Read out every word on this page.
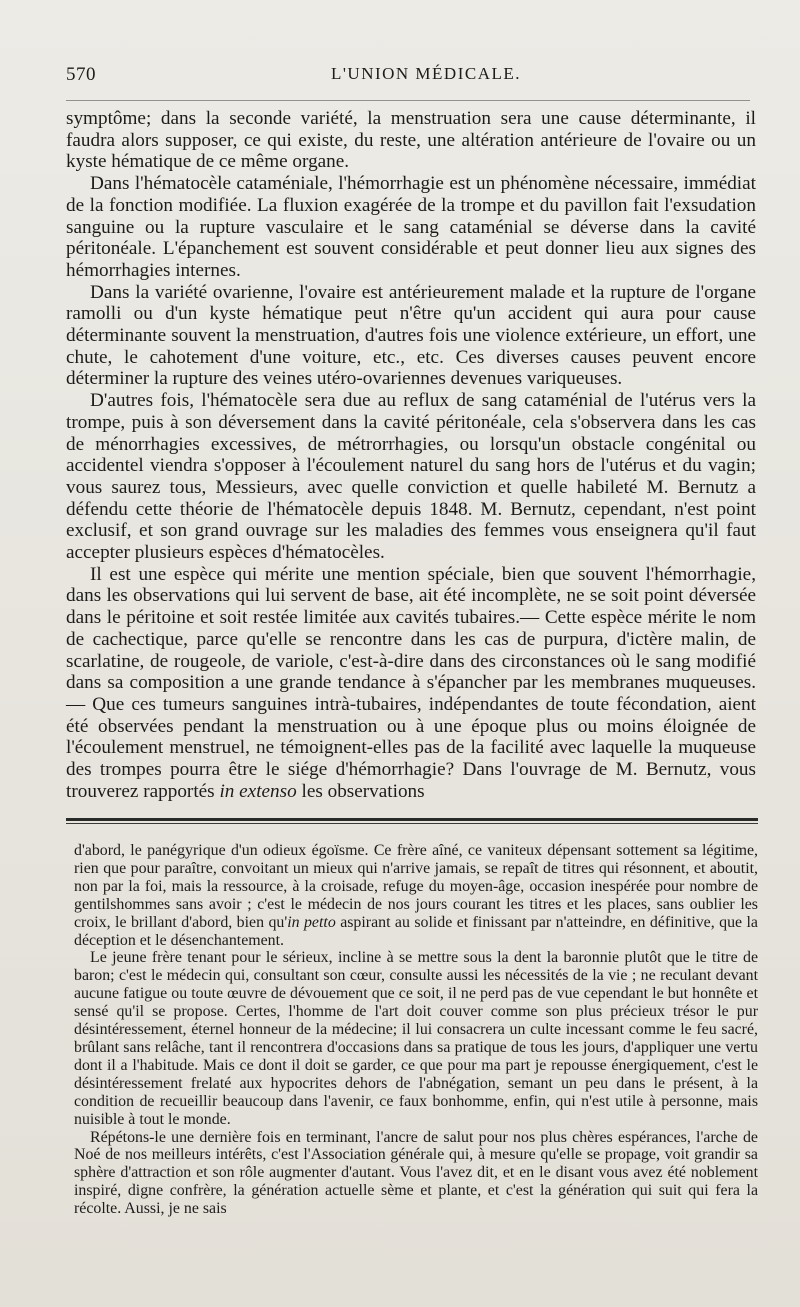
570	L'UNION MÉDICALE.

symptôme; dans la seconde variété, la menstruation sera une cause déterminante, il faudra alors supposer, ce qui existe, du reste, une altération antérieure de l'ovaire ou un kyste hématique de ce même organe.

Dans l'hématocèle cataméniale, l'hémorrhagie est un phénomène nécessaire, immédiat de la fonction modifiée. La fluxion exagérée de la trompe et du pavillon fait l'exsudation sanguine ou la rupture vasculaire et le sang cataménial se déverse dans la cavité péritonéale. L'épanchement est souvent considérable et peut donner lieu aux signes des hémorrhagies internes.

Dans la variété ovarienne, l'ovaire est antérieurement malade et la rupture de l'organe ramolli ou d'un kyste hématique peut n'être qu'un accident qui aura pour cause déterminante souvent la menstruation, d'autres fois une violence extérieure, un effort, une chute, le cahotement d'une voiture, etc., etc. Ces diverses causes peuvent encore déterminer la rupture des veines utéro-ovariennes devenues variqueuses.

D'autres fois, l'hématocèle sera due au reflux de sang cataménial de l'utérus vers la trompe, puis à son déversement dans la cavité péritonéale, cela s'observera dans les cas de ménorrhagies excessives, de métrorrhagies, ou lorsqu'un obstacle congénital ou accidentel viendra s'opposer à l'écoulement naturel du sang hors de l'utérus et du vagin; vous saurez tous, Messieurs, avec quelle conviction et quelle habileté M. Bernutz a défendu cette théorie de l'hématocèle depuis 1848. M. Bernutz, cependant, n'est point exclusif, et son grand ouvrage sur les maladies des femmes vous enseignera qu'il faut accepter plusieurs espèces d'hématocèles.

Il est une espèce qui mérite une mention spéciale, bien que souvent l'hémorrhagie, dans les observations qui lui servent de base, ait été incomplète, ne se soit point déversée dans le péritoine et soit restée limitée aux cavités tubaires.— Cette espèce mérite le nom de cachectique, parce qu'elle se rencontre dans les cas de purpura, d'ictère malin, de scarlatine, de rougeole, de variole, c'est-à-dire dans des circonstances où le sang modifié dans sa composition a une grande tendance à s'épancher par les membranes muqueuses. — Que ces tumeurs sanguines intrà-tubaires, indépendantes de toute fécondation, aient été observées pendant la menstruation ou à une époque plus ou moins éloignée de l'écoulement menstruel, ne témoignent-elles pas de la facilité avec laquelle la muqueuse des trompes pourra être le siége d'hémorrhagie? Dans l'ouvrage de M. Bernutz, vous trouverez rapportés in extenso les observations

d'abord, le panégyrique d'un odieux égoïsme. Ce frère aîné, ce vaniteux dépensant sottement sa légitime, rien que pour paraître, convoitant un mieux qui n'arrive jamais, se repaît de titres qui résonnent, et aboutit, non par la foi, mais la ressource, à la croisade, refuge du moyen-âge, occasion inespérée pour nombre de gentilshommes sans avoir ; c'est le médecin de nos jours courant les titres et les places, sans oublier les croix, le brillant d'abord, bien qu'in petto aspirant au solide et finissant par n'atteindre, en définitive, que la déception et le désenchantement.

Le jeune frère tenant pour le sérieux, incline à se mettre sous la dent la baronnie plutôt que le titre de baron; c'est le médecin qui, consultant son cœur, consulte aussi les nécessités de la vie ; ne reculant devant aucune fatigue ou toute œuvre de dévouement que ce soit, il ne perd pas de vue cependant le but honnête et sensé qu'il se propose. Certes, l'homme de l'art doit couver comme son plus précieux trésor le pur désintéressement, éternel honneur de la médecine; il lui consacrera un culte incessant comme le feu sacré, brûlant sans relâche, tant il rencontrera d'occasions dans sa pratique de tous les jours, d'appliquer une vertu dont il a l'habitude. Mais ce dont il doit se garder, ce que pour ma part je repousse énergiquement, c'est le désintéressement frelaté aux hypocrites dehors de l'abnégation, semant un peu dans le présent, à la condition de recueillir beaucoup dans l'avenir, ce faux bonhomme, enfin, qui n'est utile à personne, mais nuisible à tout le monde.

Répétons-le une dernière fois en terminant, l'ancre de salut pour nos plus chères espérances, l'arche de Noé de nos meilleurs intérêts, c'est l'Association générale qui, à mesure qu'elle se propage, voit grandir sa sphère d'attraction et son rôle augmenter d'autant. Vous l'avez dit, et en le disant vous avez été noblement inspiré, digne confrère, la génération actuelle sème et plante, et c'est la génération qui suit qui fera la récolte. Aussi, je ne sais
